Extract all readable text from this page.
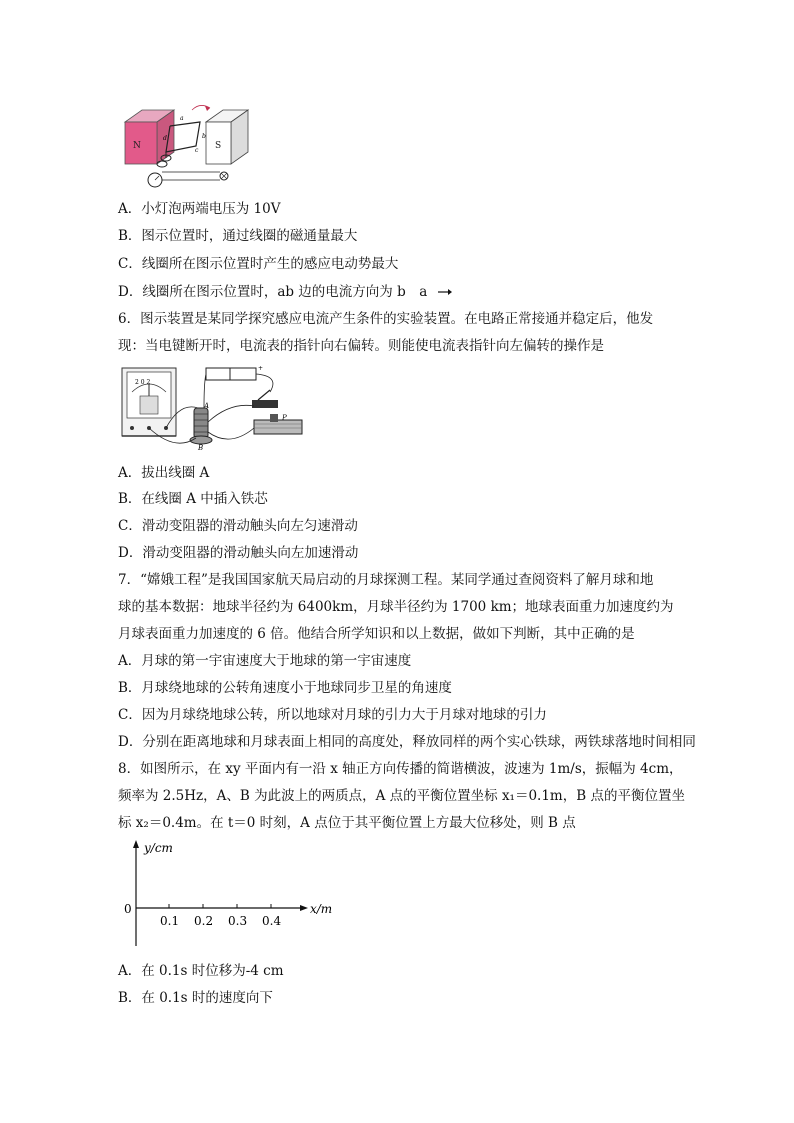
N	S
a
b
c
d
A．小灯泡两端电压为 10V
B．图示位置时，通过线圈的磁通量最大
C．线圈所在图示位置时产生的感应电动势最大
D．线圈所在图示位置时，ab 边的电流方向为 b　a
6．图示装置是某同学探究感应电流产生条件的实验装置。在电路正常接通并稳定后，他发
现：当电键断开时，电流表的指针向右偏转。则能使电流表指针向左偏转的操作是
2 0 2
A
B
+
P
A．拔出线圈 A
B．在线圈 A 中插入铁芯
C．滑动变阻器的滑动触头向左匀速滑动
D．滑动变阻器的滑动触头向左加速滑动
7．“嫦娥工程”是我国国家航天局启动的月球探测工程。某同学通过查阅资料了解月球和地
球的基本数据：地球半径约为 6400km，月球半径约为 1700 km；地球表面重力加速度约为
月球表面重力加速度的 6 倍。他结合所学知识和以上数据，做如下判断，其中正确的是
A．月球的第一宇宙速度大于地球的第一宇宙速度
B．月球绕地球的公转角速度小于地球同步卫星的角速度
C．因为月球绕地球公转，所以地球对月球的引力大于月球对地球的引力
D．分别在距离地球和月球表面上相同的高度处，释放同样的两个实心铁球，两铁球落地时间相同
8．如图所示，在 xy 平面内有一沿 x 轴正方向传播的简谐横波，波速为 1m/s，振幅为 4cm，
频率为 2.5Hz，A、B 为此波上的两质点，A 点的平衡位置坐标 x₁＝0.1m，B 点的平衡位置坐
标 x₂＝0.4m。在 t＝0 时刻，A 点位于其平衡位置上方最大位移处，则 B 点
y/cm
x/m
0
0.1 0.2 0.3 0.4
A．在 0.1s 时位移为-4 cm
B．在 0.1s 时的速度向下
